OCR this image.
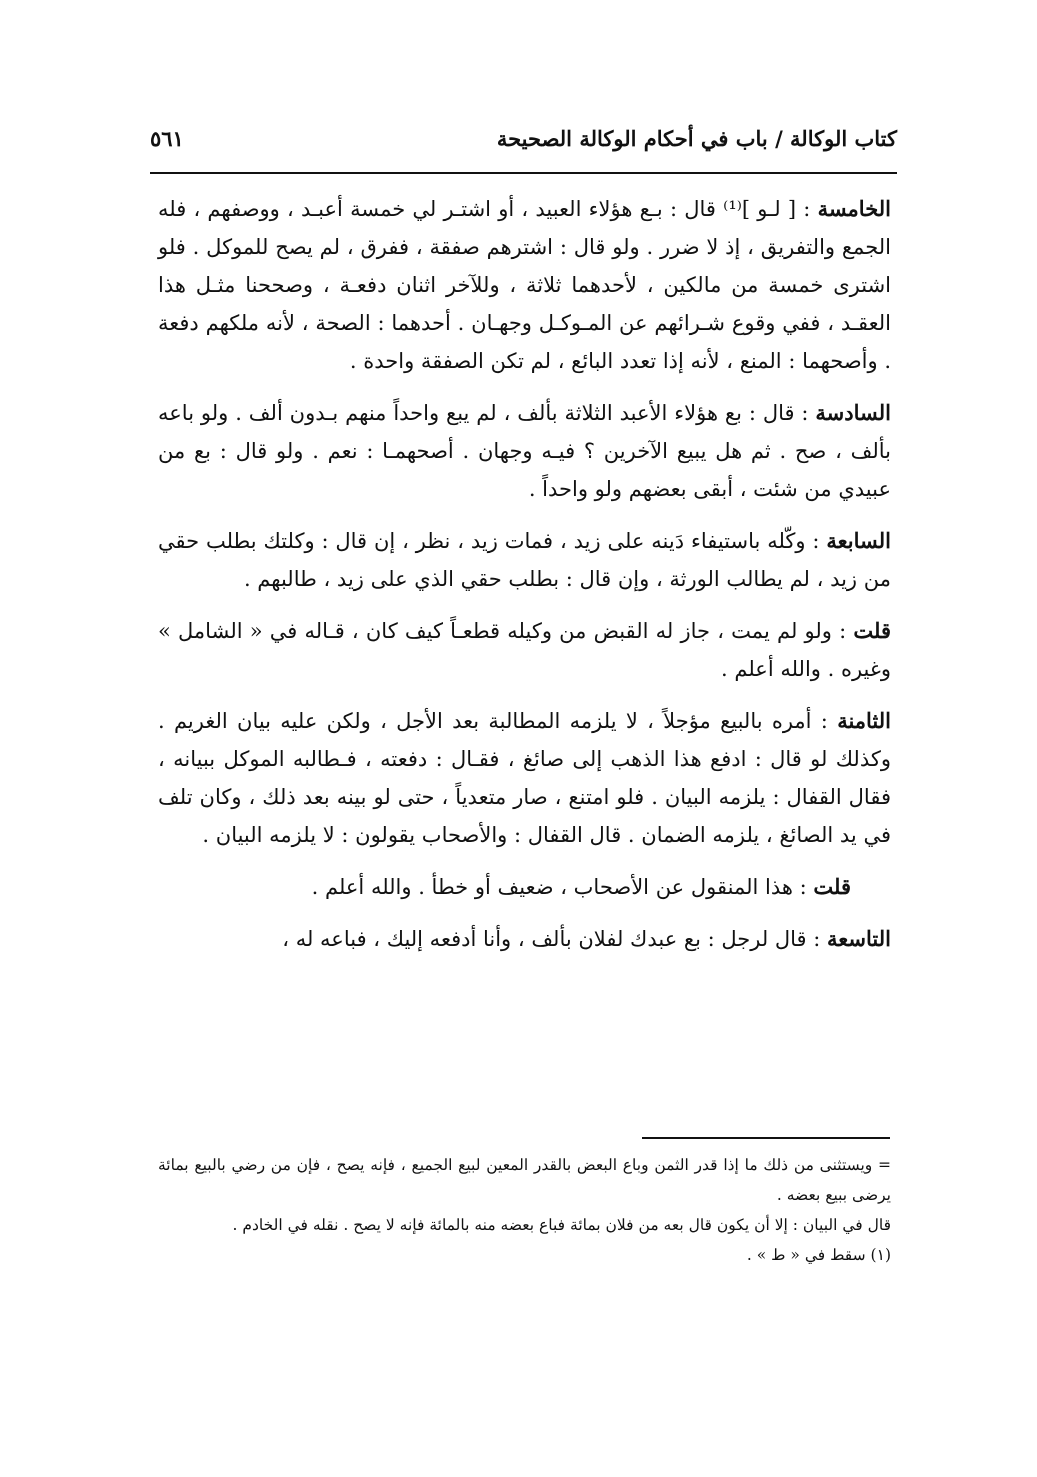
كتاب الوكالة / باب في أحكام الوكالة الصحيحة
٥٦١

الخامسة : [ لـو ]⁽¹⁾ قال : بـع هؤلاء العبيد ، أو اشتـر لي خمسة أعبـد ، ووصفهم ، فله الجمع والتفريق ، إذ لا ضرر . ولو قال : اشترهم صفقة ، ففرق ، لم يصح للموكل . فلو اشترى خمسة من مالكين ، لأحدهما ثلاثة ، وللآخر اثنان دفعـة ، وصححنا مثـل هذا العقـد ، ففي وقوع شـرائهم عن المـوكـل وجهـان . أحدهما : الصحة ، لأنه ملكهم دفعة . وأصحهما : المنع ، لأنه إذا تعدد البائع ، لم تكن الصفقة واحدة .

السادسة : قال : بع هؤلاء الأعبد الثلاثة بألف ، لم يبع واحداً منهم بـدون ألف . ولو باعه بألف ، صح . ثم هل يبيع الآخرين ؟ فيـه وجهان . أصحهمـا : نعم . ولو قال : بع من عبيدي من شئت ، أبقى بعضهم ولو واحداً .

السابعة : وكّله باستيفاء دَينه على زيد ، فمات زيد ، نظر ، إن قال : وكلتك بطلب حقي من زيد ، لم يطالب الورثة ، وإن قال : بطلب حقي الذي على زيد ، طالبهم .

قلت : ولو لم يمت ، جاز له القبض من وكيله قطعـاً كيف كان ، قـاله في « الشامل » وغيره . والله أعلم .

الثامنة : أمره بالبيع مؤجلاً ، لا يلزمه المطالبة بعد الأجل ، ولكن عليه بيان الغريم . وكذلك لو قال : ادفع هذا الذهب إلى صائغ ، فقـال : دفعته ، فـطالبه الموكل ببيانه ، فقال القفال : يلزمه البيان . فلو امتنع ، صار متعدياً ، حتى لو بينه بعد ذلك ، وكان تلف في يد الصائغ ، يلزمه الضمان . قال القفال : والأصحاب يقولون : لا يلزمه البيان .

قلت : هذا المنقول عن الأصحاب ، ضعيف أو خطأ . والله أعلم .

التاسعة : قال لرجل : بع عبدك لفلان بألف ، وأنا أدفعه إليك ، فباعه له ،

= ويستثنى من ذلك ما إذا قدر الثمن وباع البعض بالقدر المعين لبيع الجميع ، فإنه يصح ، فإن من رضي بالبيع بمائة يرضى ببيع بعضه .

قال في البيان : إلا أن يكون قال بعه من فلان بمائة فباع بعضه منه بالمائة فإنه لا يصح . نقله في الخادم .

(١) سقط في « ط » .
